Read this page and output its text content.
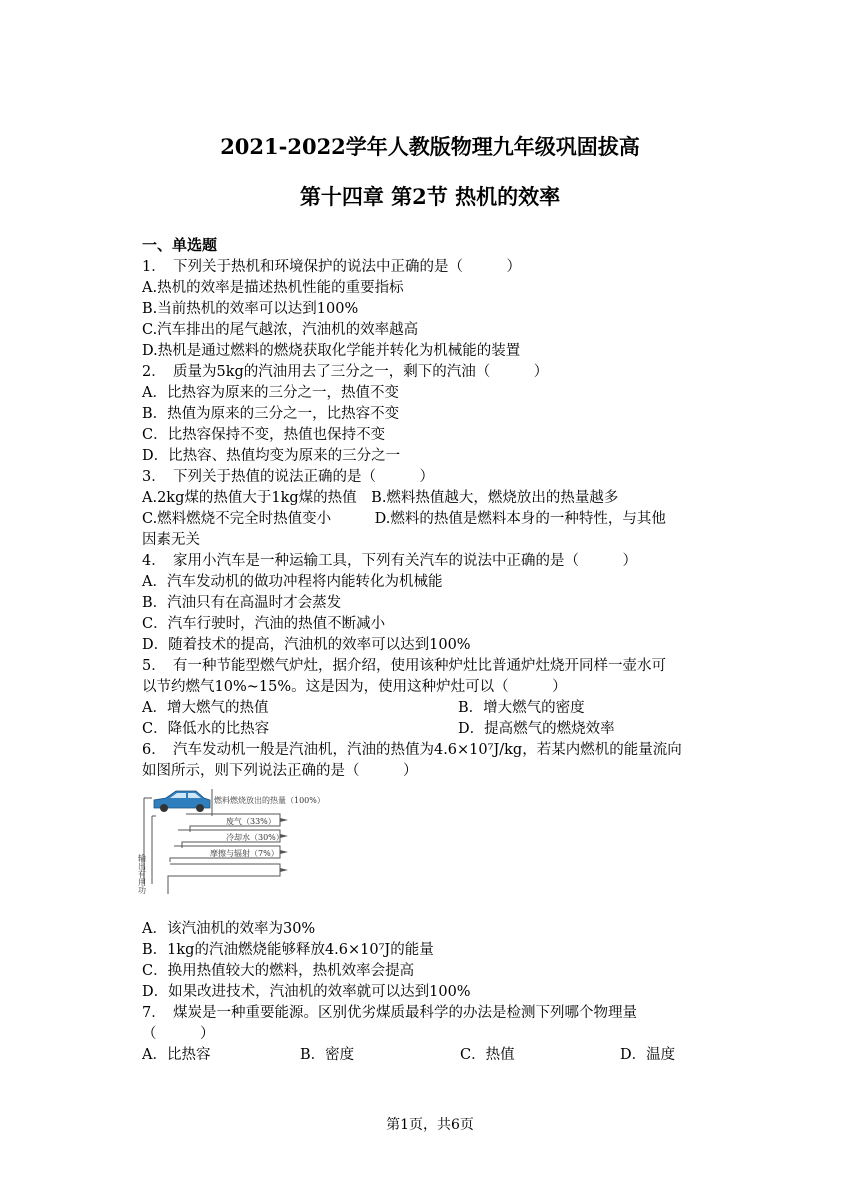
2021-2022学年人教版物理九年级巩固拔高
第十四章 第2节 热机的效率
一、单选题
1．　下列关于热机和环境保护的说法中正确的是（　　　）
A.热机的效率是描述热机性能的重要指标
B.当前热机的效率可以达到100%
C.汽车排出的尾气越浓，汽油机的效率越高
D.热机是通过燃料的燃烧获取化学能并转化为机械能的装置
2．　质量为5kg的汽油用去了三分之一，剩下的汽油（　　　）
A．比热容为原来的三分之一，热值不变
B．热值为原来的三分之一，比热容不变
C．比热容保持不变，热值也保持不变
D．比热容、热值均变为原来的三分之一
3．　下列关于热值的说法正确的是（　　　）
A.2kg煤的热值大于1kg煤的热值　B.燃料热值越大，燃烧放出的热量越多
C.燃料燃烧不完全时热值变小　　　D.燃料的热值是燃料本身的一种特性，与其他
因素无关
4．　家用小汽车是一种运输工具，下列有关汽车的说法中正确的是（　　　）
A．汽车发动机的做功冲程将内能转化为机械能
B．汽油只有在高温时才会蒸发
C．汽车行驶时，汽油的热值不断减小
D．随着技术的提高，汽油机的效率可以达到100%
5．　有一种节能型燃气炉灶，据介绍，使用该种炉灶比普通炉灶烧开同样一壶水可
以节约燃气10%~15%。这是因为，使用这种炉灶可以（　　　）
A．增大燃气的热值	B．增大燃气的密度
C．降低水的比热容	D．提高燃气的燃烧效率
6．　汽车发动机一般是汽油机，汽油的热值为4.6×10⁷J/kg，若某内燃机的能量流向
如图所示，则下列说法正确的是（　　　）
燃料燃烧放出的热量（100%）
废气（33%）
冷却水（30%）
摩擦与辐射（7%）
输出有用功
A．该汽油机的效率为30%
B．1kg的汽油燃烧能够释放4.6×10⁷J的能量
C．换用热值较大的燃料，热机效率会提高
D．如果改进技术，汽油机的效率就可以达到100%
7．　煤炭是一种重要能源。区别优劣煤质最科学的办法是检测下列哪个物理量
（　　　）
A．比热容	B．密度	C．热值	D．温度
第1页，共6页
